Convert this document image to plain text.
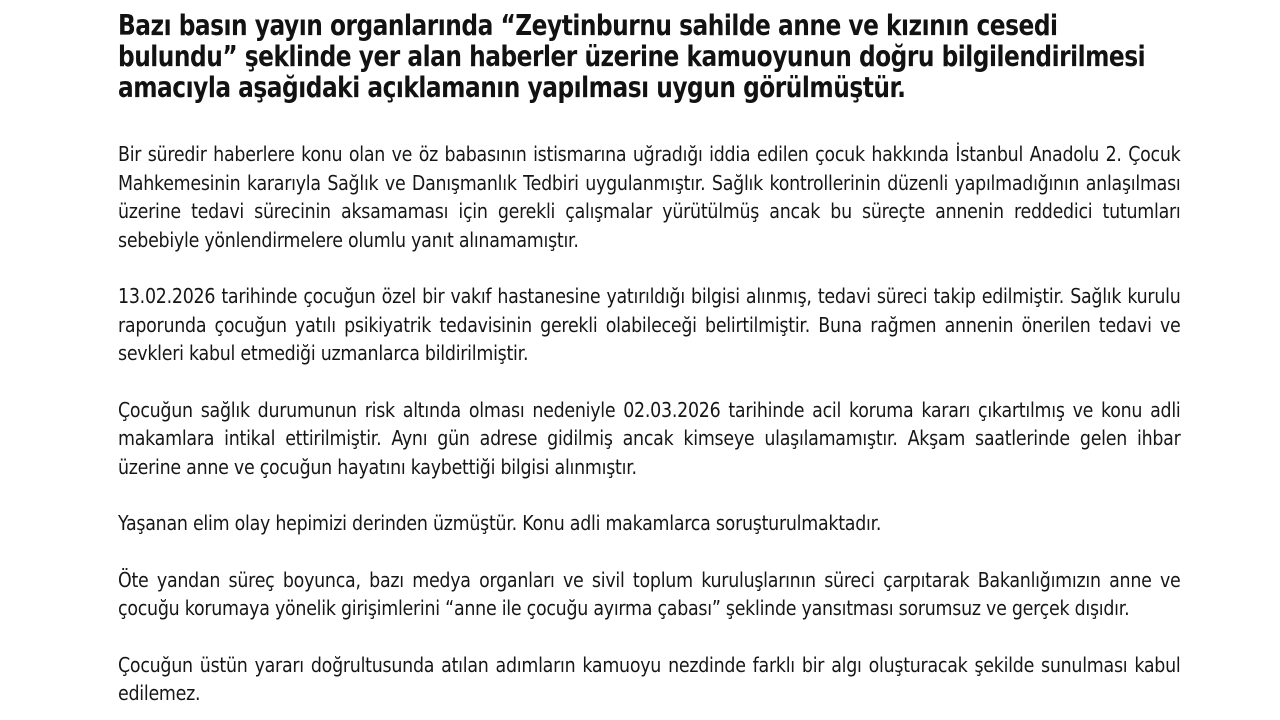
Bazı basın yayın organlarında “Zeytinburnu sahilde anne ve kızının cesedi bulundu” şeklinde yer alan haberler üzerine kamuoyunun doğru bilgilendirilmesi amacıyla aşağıdaki açıklamanın yapılması uygun görülmüştür.

Bir süredir haberlere konu olan ve öz babasının istismarına uğradığı iddia edilen çocuk hakkında İstanbul Anadolu 2. Çocuk Mahkemesinin kararıyla Sağlık ve Danışmanlık Tedbiri uygulanmıştır. Sağlık kontrollerinin düzenli yapılmadığının anlaşılması üzerine tedavi sürecinin aksamaması için gerekli çalışmalar yürütülmüş ancak bu süreçte annenin reddedici tutumları sebebiyle yönlendirmelere olumlu yanıt alınamamıştır.

13.02.2026 tarihinde çocuğun özel bir vakıf hastanesine yatırıldığı bilgisi alınmış, tedavi süreci takip edilmiştir. Sağlık kurulu raporunda çocuğun yatılı psikiyatrik tedavisinin gerekli olabileceği belirtilmiştir. Buna rağmen annenin önerilen tedavi ve sevkleri kabul etmediği uzmanlarca bildirilmiştir.

Çocuğun sağlık durumunun risk altında olması nedeniyle 02.03.2026 tarihinde acil koruma kararı çıkartılmış ve konu adli makamlara intikal ettirilmiştir. Aynı gün adrese gidilmiş ancak kimseye ulaşılamamıştır. Akşam saatlerinde gelen ihbar üzerine anne ve çocuğun hayatını kaybettiği bilgisi alınmıştır.

Yaşanan elim olay hepimizi derinden üzmüştür. Konu adli makamlarca soruşturulmaktadır.

Öte yandan süreç boyunca, bazı medya organları ve sivil toplum kuruluşlarının süreci çarpıtarak Bakanlığımızın anne ve çocuğu korumaya yönelik girişimlerini “anne ile çocuğu ayırma çabası” şeklinde yansıtması sorumsuz ve gerçek dışıdır.

Çocuğun üstün yararı doğrultusunda atılan adımların kamuoyu nezdinde farklı bir algı oluşturacak şekilde sunulması kabul edilemez.
